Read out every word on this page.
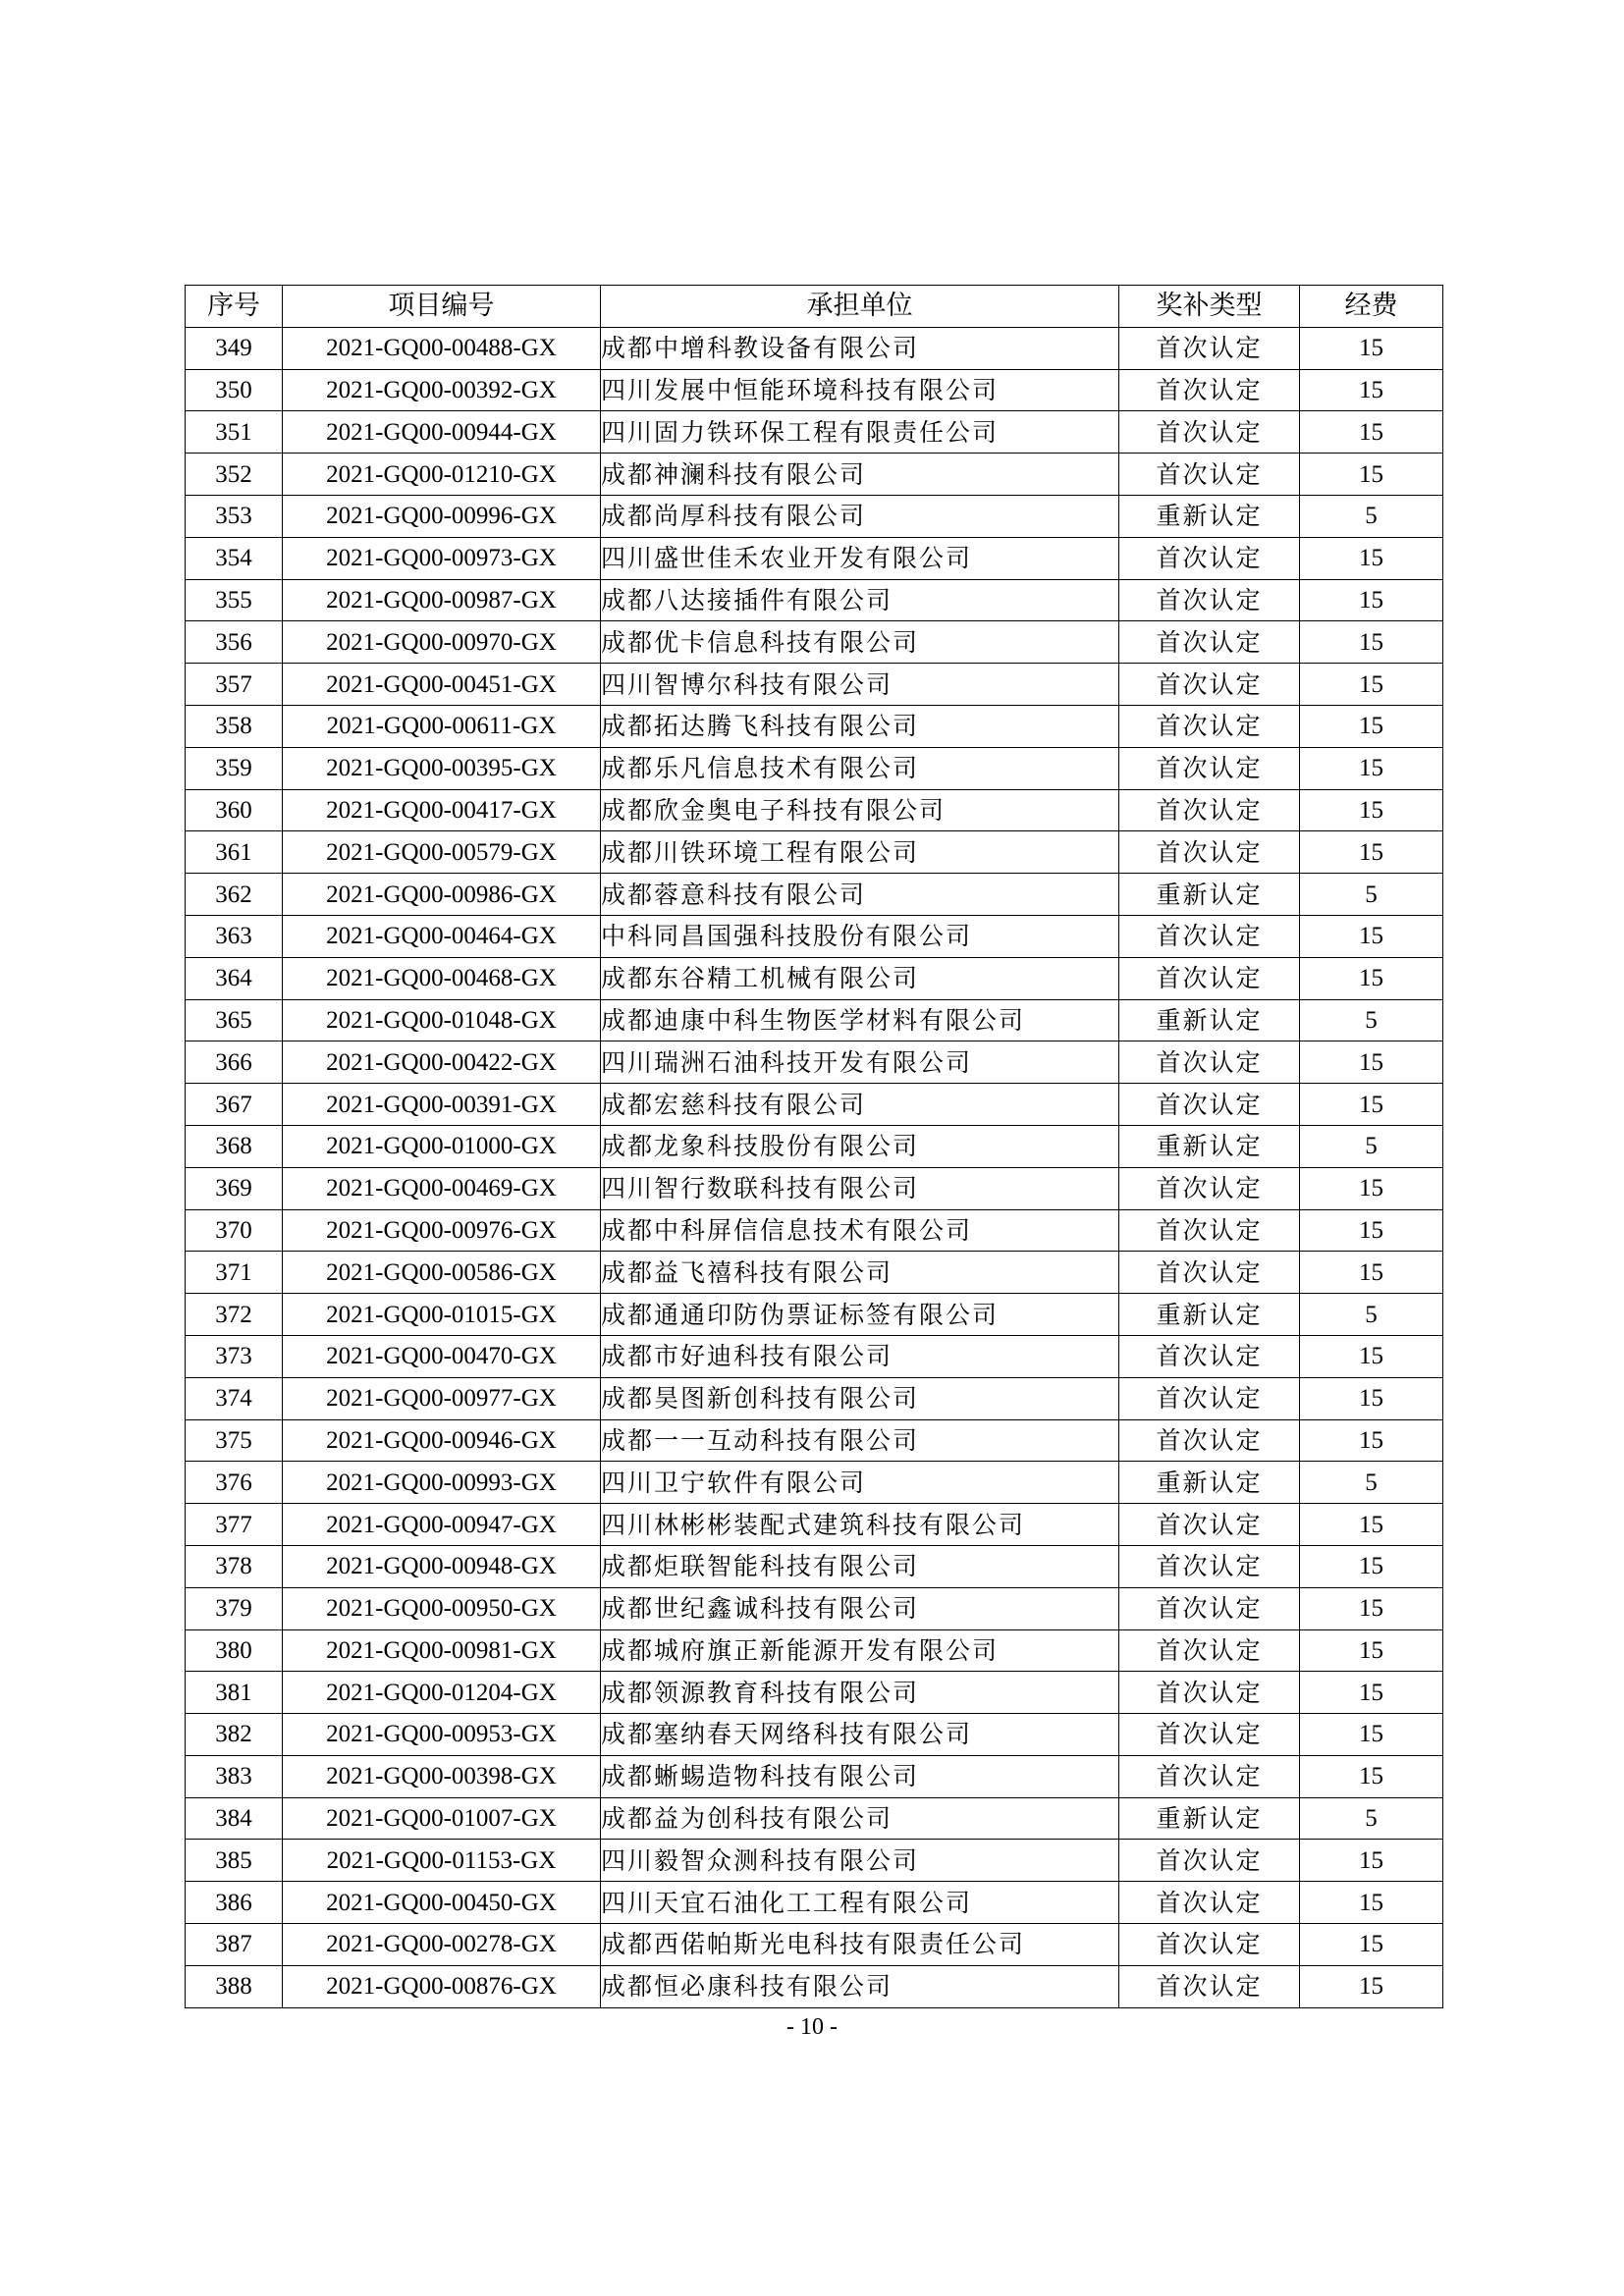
序号	项目编号	承担单位	奖补类型	经费
349	2021-GQ00-00488-GX	成都中增科教设备有限公司	首次认定	15
350	2021-GQ00-00392-GX	四川发展中恒能环境科技有限公司	首次认定	15
351	2021-GQ00-00944-GX	四川固力铁环保工程有限责任公司	首次认定	15
352	2021-GQ00-01210-GX	成都神澜科技有限公司	首次认定	15
353	2021-GQ00-00996-GX	成都尚厚科技有限公司	重新认定	5
354	2021-GQ00-00973-GX	四川盛世佳禾农业开发有限公司	首次认定	15
355	2021-GQ00-00987-GX	成都八达接插件有限公司	首次认定	15
356	2021-GQ00-00970-GX	成都优卡信息科技有限公司	首次认定	15
357	2021-GQ00-00451-GX	四川智博尔科技有限公司	首次认定	15
358	2021-GQ00-00611-GX	成都拓达腾飞科技有限公司	首次认定	15
359	2021-GQ00-00395-GX	成都乐凡信息技术有限公司	首次认定	15
360	2021-GQ00-00417-GX	成都欣金奥电子科技有限公司	首次认定	15
361	2021-GQ00-00579-GX	成都川铁环境工程有限公司	首次认定	15
362	2021-GQ00-00986-GX	成都蓉意科技有限公司	重新认定	5
363	2021-GQ00-00464-GX	中科同昌国强科技股份有限公司	首次认定	15
364	2021-GQ00-00468-GX	成都东谷精工机械有限公司	首次认定	15
365	2021-GQ00-01048-GX	成都迪康中科生物医学材料有限公司	重新认定	5
366	2021-GQ00-00422-GX	四川瑞洲石油科技开发有限公司	首次认定	15
367	2021-GQ00-00391-GX	成都宏慈科技有限公司	首次认定	15
368	2021-GQ00-01000-GX	成都龙象科技股份有限公司	重新认定	5
369	2021-GQ00-00469-GX	四川智行数联科技有限公司	首次认定	15
370	2021-GQ00-00976-GX	成都中科屏信信息技术有限公司	首次认定	15
371	2021-GQ00-00586-GX	成都益飞禧科技有限公司	首次认定	15
372	2021-GQ00-01015-GX	成都通通印防伪票证标签有限公司	重新认定	5
373	2021-GQ00-00470-GX	成都市好迪科技有限公司	首次认定	15
374	2021-GQ00-00977-GX	成都昊图新创科技有限公司	首次认定	15
375	2021-GQ00-00946-GX	成都一一互动科技有限公司	首次认定	15
376	2021-GQ00-00993-GX	四川卫宁软件有限公司	重新认定	5
377	2021-GQ00-00947-GX	四川林彬彬装配式建筑科技有限公司	首次认定	15
378	2021-GQ00-00948-GX	成都炬联智能科技有限公司	首次认定	15
379	2021-GQ00-00950-GX	成都世纪鑫诚科技有限公司	首次认定	15
380	2021-GQ00-00981-GX	成都城府旗正新能源开发有限公司	首次认定	15
381	2021-GQ00-01204-GX	成都领源教育科技有限公司	首次认定	15
382	2021-GQ00-00953-GX	成都塞纳春天网络科技有限公司	首次认定	15
383	2021-GQ00-00398-GX	成都蜥蜴造物科技有限公司	首次认定	15
384	2021-GQ00-01007-GX	成都益为创科技有限公司	重新认定	5
385	2021-GQ00-01153-GX	四川毅智众测科技有限公司	首次认定	15
386	2021-GQ00-00450-GX	四川天宜石油化工工程有限公司	首次认定	15
387	2021-GQ00-00278-GX	成都西偌帕斯光电科技有限责任公司	首次认定	15
388	2021-GQ00-00876-GX	成都恒必康科技有限公司	首次认定	15
- 10 -
